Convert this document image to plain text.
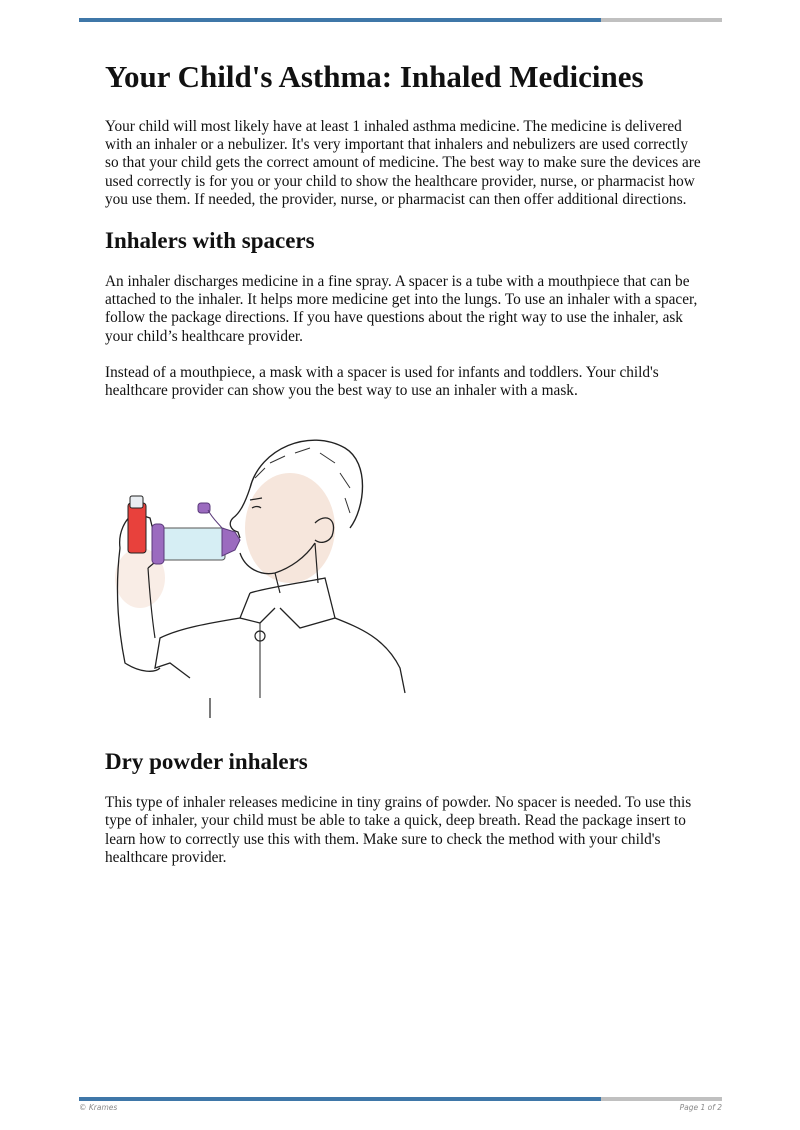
Your Child's Asthma: Inhaled Medicines

Your child will most likely have at least 1 inhaled asthma medicine. The medicine is delivered with an inhaler or a nebulizer. It's very important that inhalers and nebulizers are used correctly so that your child gets the correct amount of medicine. The best way to make sure the devices are used correctly is for you or your child to show the healthcare provider, nurse, or pharmacist how you use them. If needed, the provider, nurse, or pharmacist can then offer additional directions.

Inhalers with spacers

An inhaler discharges medicine in a fine spray. A spacer is a tube with a mouthpiece that can be attached to the inhaler. It helps more medicine get into the lungs. To use an inhaler with a spacer, follow the package directions. If you have questions about the right way to use the inhaler, ask your child’s healthcare provider.

Instead of a mouthpiece, a mask with a spacer is used for infants and toddlers. Your child's healthcare provider can show you the best way to use an inhaler with a mask.

Dry powder inhalers

This type of inhaler releases medicine in tiny grains of powder. No spacer is needed. To use this type of inhaler, your child must be able to take a quick, deep breath. Read the package insert to learn how to correctly use this with them. Make sure to check the method with your child's healthcare provider.

© Krames	Page 1 of 2
